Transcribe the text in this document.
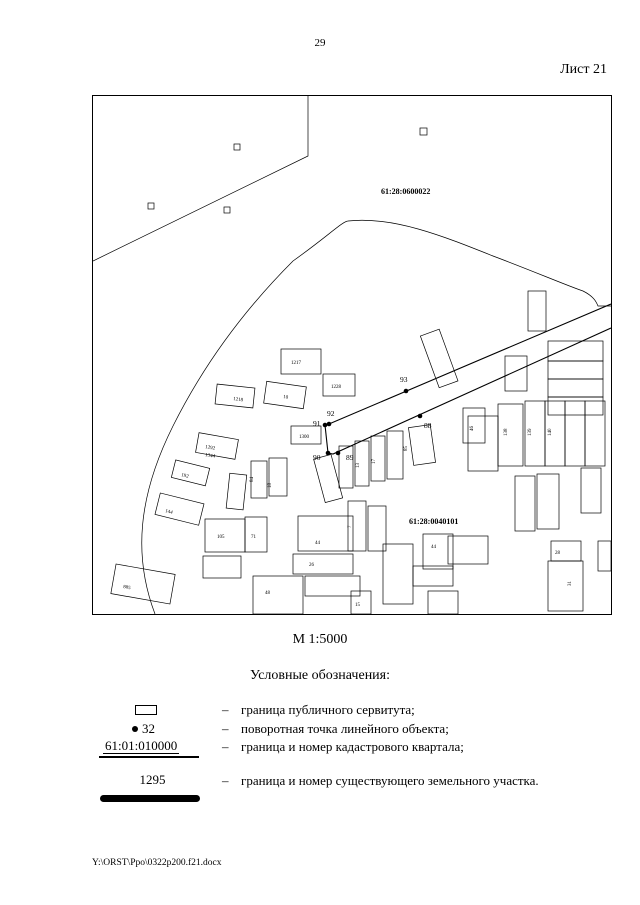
29
Лист 21
93
92
91
90	89
88
61:28:0600022
61:28:0040101
1217
1228
1218	10
1300
1292
1344
192
144
105	71
885
44
7
26
48
18
84
85
13
17
46	138	139	140
44
15
28
31
М 1:5000
Условные обозначения:
– граница публичного сервитута;
32	– поворотная точка линейного объекта;
61:01:010000	– граница и номер кадастрового квартала;
1295	– граница и номер существующего земельного участка.
Y:\ORST\Ppo\0322p200.f21.docx
